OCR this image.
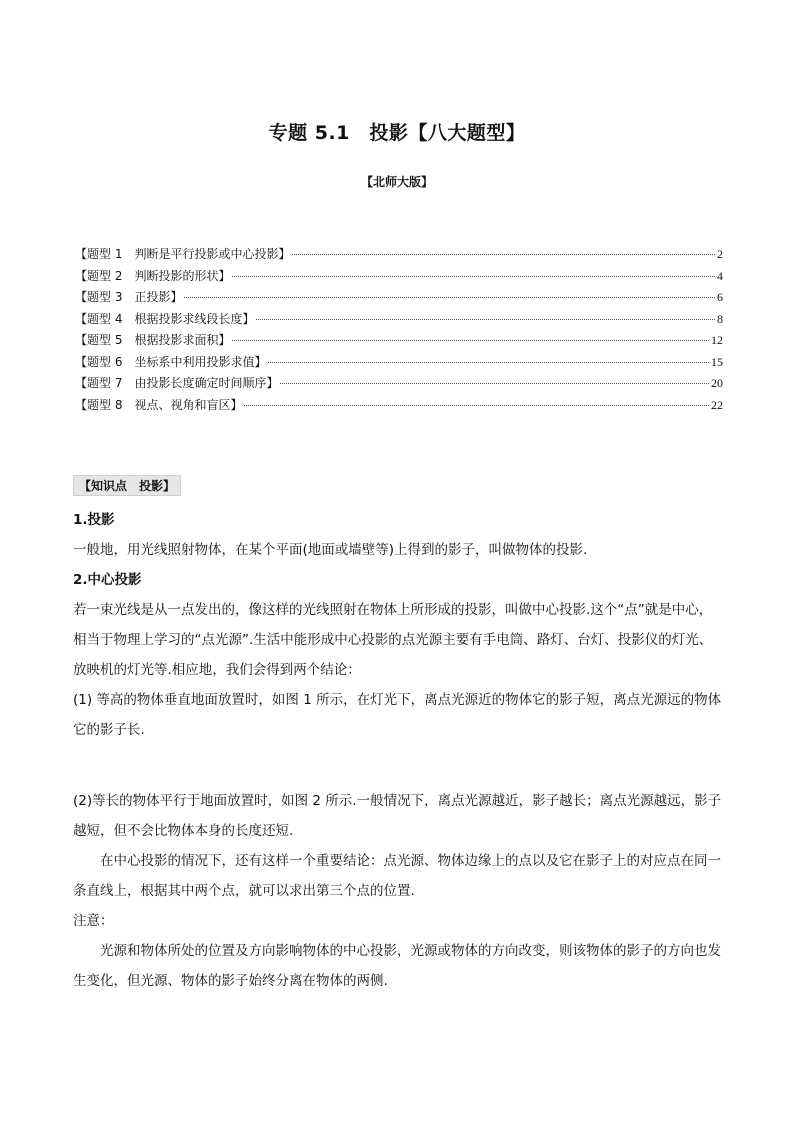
专题 5.1　投影【八大题型】
【北师大版】
【题型 1　判断是平行投影或中心投影】	2
【题型 2　判断投影的形状】	4
【题型 3　正投影】	6
【题型 4　根据投影求线段长度】	8
【题型 5　根据投影求面积】	12
【题型 6　坐标系中利用投影求值】	15
【题型 7　由投影长度确定时间顺序】	20
【题型 8　视点、视角和盲区】	22
【知识点　投影】

1.投影

一般地，用光线照射物体，在某个平面(地面或墙壁等)上得到的影子，叫做物体的投影.

2.中心投影

若一束光线是从一点发出的，像这样的光线照射在物体上所形成的投影，叫做中心投影.这个“点”就是中心，相当于物理上学习的“点光源”.生活中能形成中心投影的点光源主要有手电筒、路灯、台灯、投影仪的灯光、放映机的灯光等.相应地，我们会得到两个结论：

(1) 等高的物体垂直地面放置时，如图 1 所示，在灯光下，离点光源近的物体它的影子短，离点光源远的物体它的影子长.

(2)等长的物体平行于地面放置时，如图 2 所示.一般情况下，离点光源越近，影子越长；离点光源越远，影子越短，但不会比物体本身的长度还短.

在中心投影的情况下，还有这样一个重要结论：点光源、物体边缘上的点以及它在影子上的对应点在同一条直线上，根据其中两个点，就可以求出第三个点的位置.

注意：

光源和物体所处的位置及方向影响物体的中心投影，光源或物体的方向改变，则该物体的影子的方向也发生变化，但光源、物体的影子始终分离在物体的两侧.
